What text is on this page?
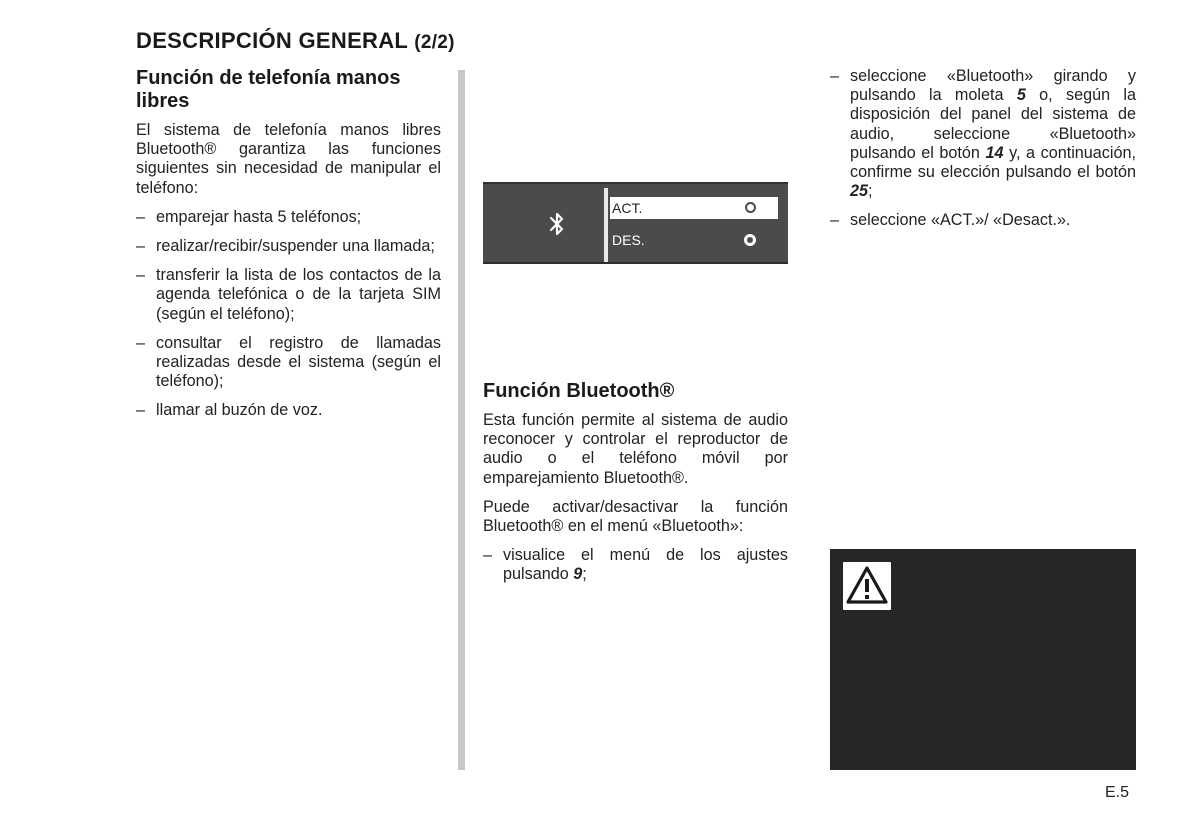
DESCRIPCIÓN GENERAL (2/2)
Función de telefonía manos libres

El sistema de telefonía manos libres Bluetooth® garantiza las funciones siguientes sin necesidad de manipular el teléfono:

– emparejar hasta 5 teléfonos;
– realizar/recibir/suspender una llamada;
– transferir la lista de los contactos de la agenda telefónica o de la tarjeta SIM (según el teléfono);
– consultar el registro de llamadas realizadas desde el sistema (según el teléfono);
– llamar al buzón de voz.
ACT.
DES.
Función Bluetooth®

Esta función permite al sistema de audio reconocer y controlar el reproductor de audio o el teléfono móvil por emparejamiento Bluetooth®.

Puede activar/desactivar la función Bluetooth® en el menú «Bluetooth»:

– visualice el menú de los ajustes pulsando 9;
– seleccione «Bluetooth» girando y pulsando la moleta 5 o, según la disposición del panel del sistema de audio, seleccione «Bluetooth» pulsando el botón 14 y, a continuación, confirme su elección pulsando el botón 25;
– seleccione «ACT.»/ «Desact.».
E.5
